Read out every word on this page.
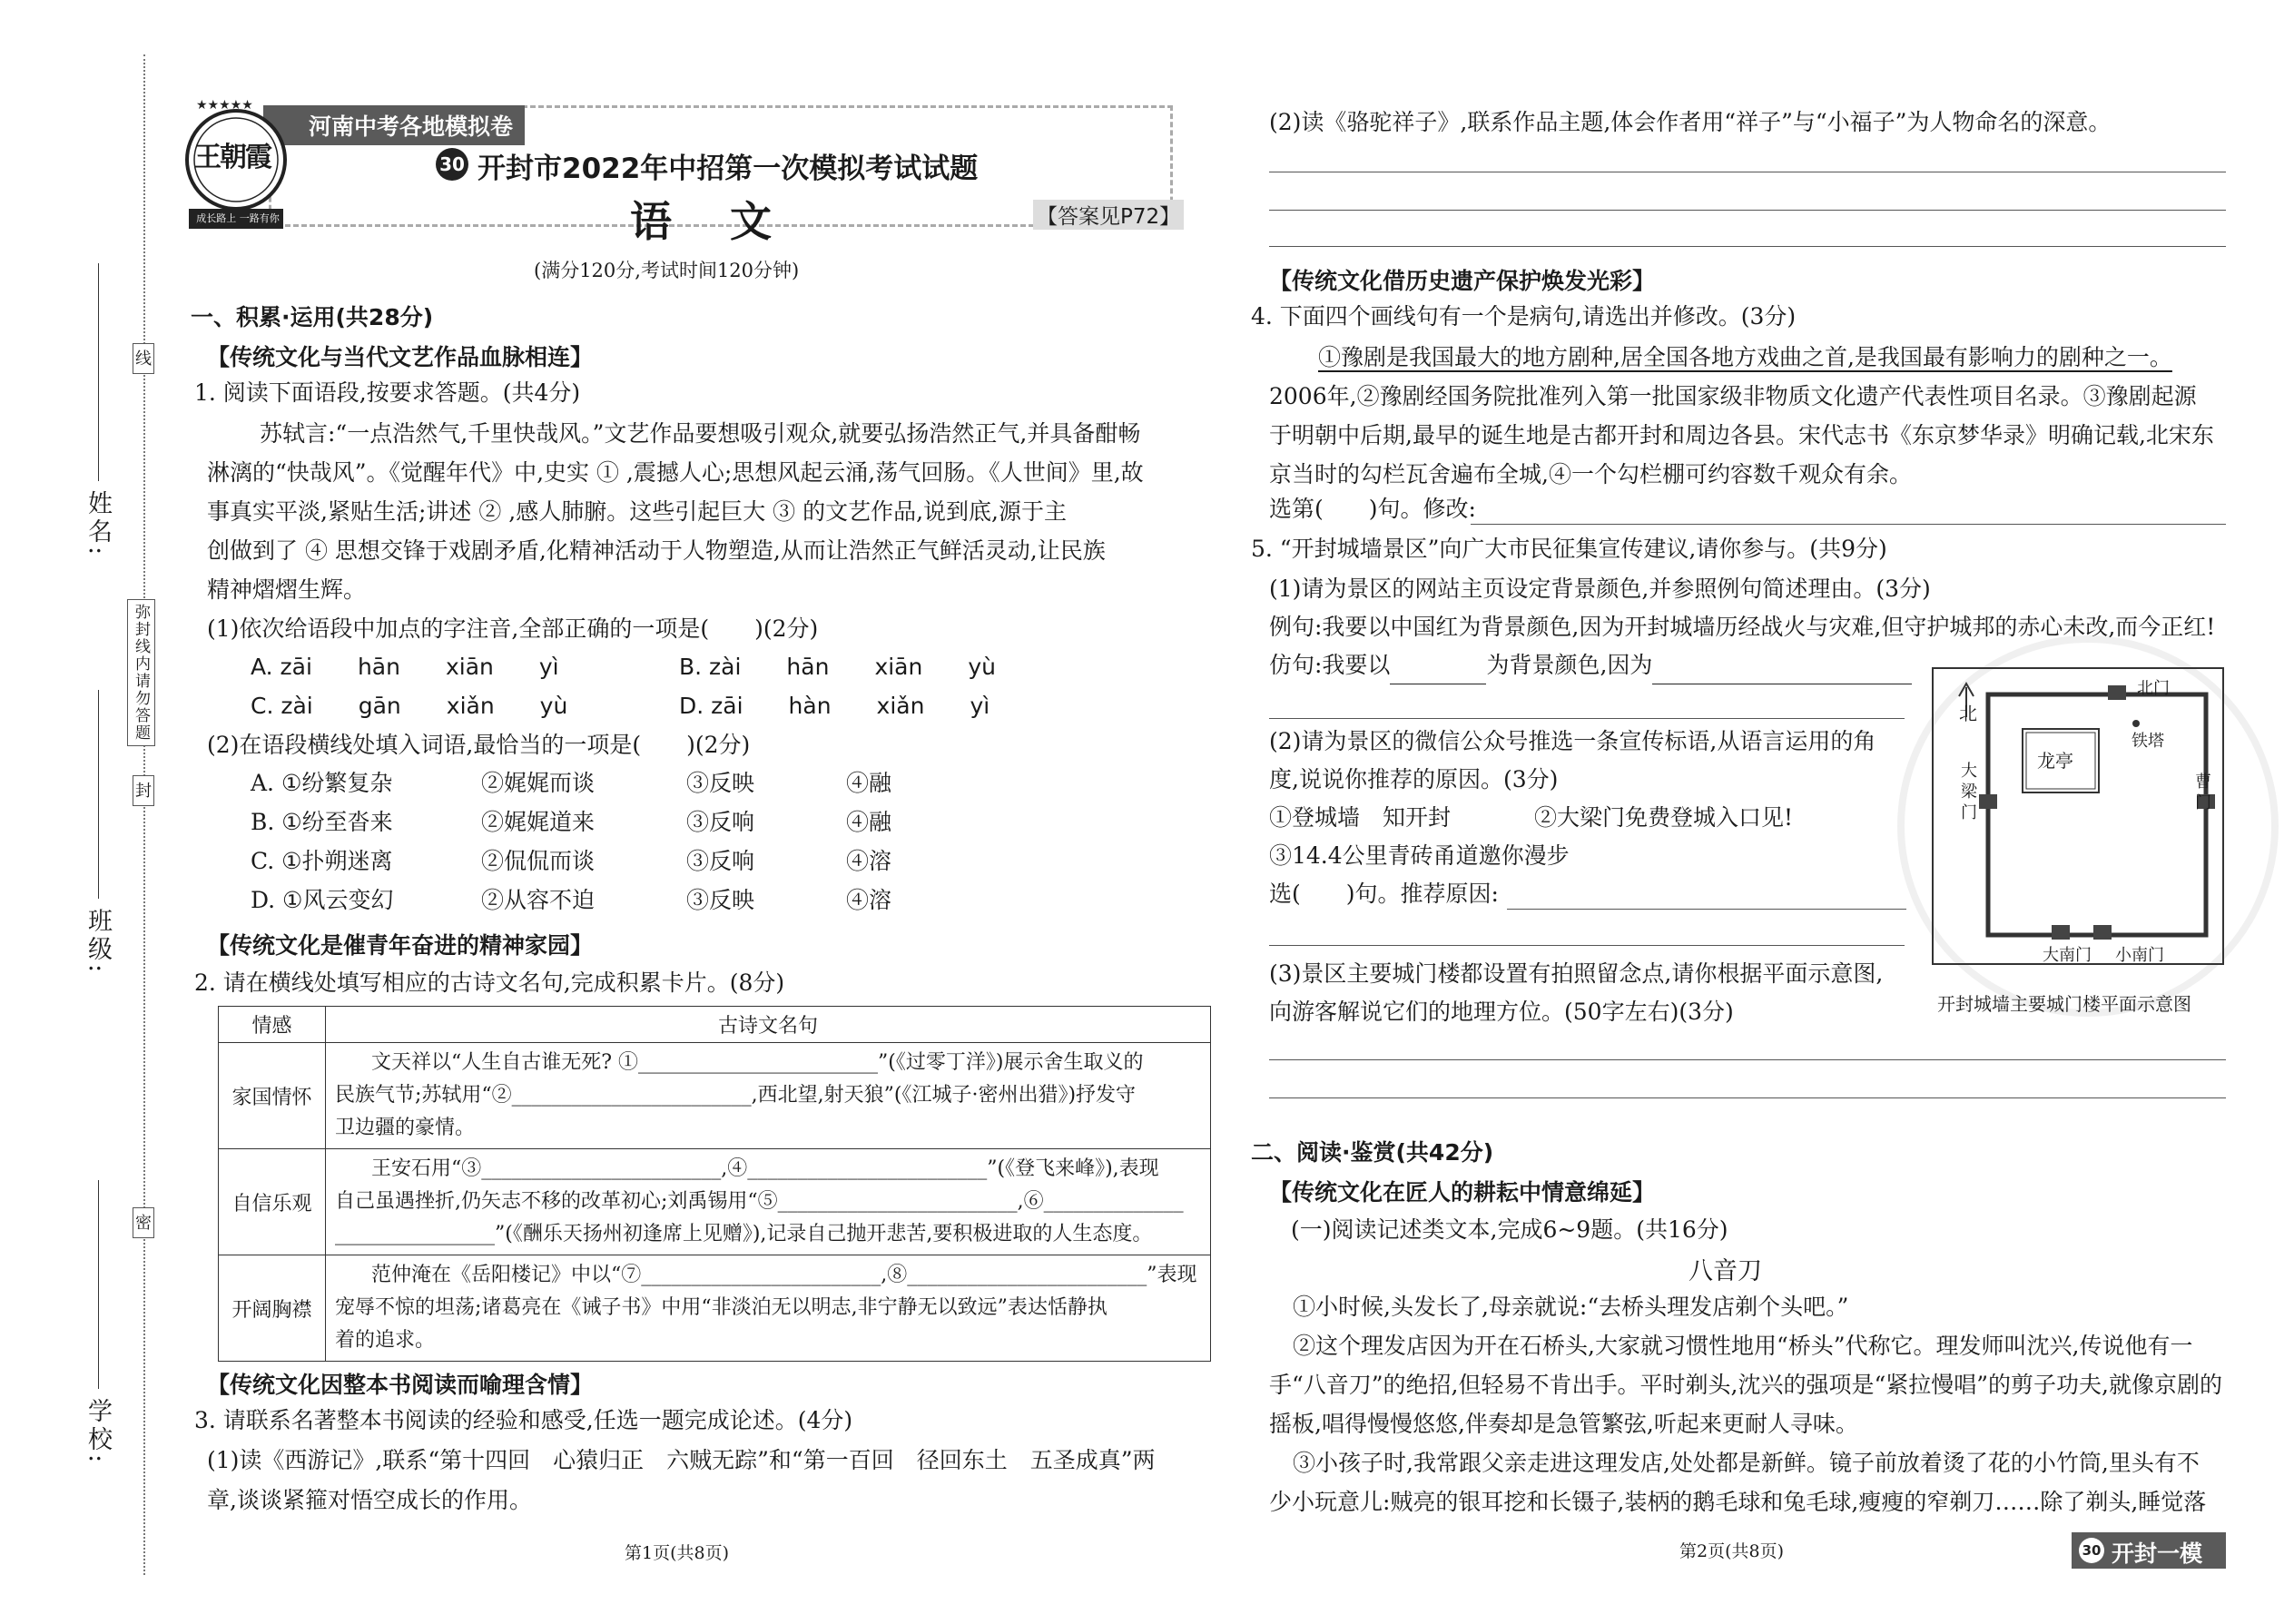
线
弥封线内请勿答题
封
密
姓名:
班级:
学校:
河南中考各地模拟卷
★★★★★
王朝霞
成长路上 一路有你
30 开封市2022年中招第一次模拟考试试题
语 文	【答案见P72】
(满分120分,考试时间120分钟)
一、积累·运用(共28分)
【传统文化与当代文艺作品血脉相连】
1. 阅读下面语段,按要求答题。(共4分)
苏轼言:“一点浩然气,千里快哉风。”文艺作品要想吸引观众,就要弘扬浩然正气,并具备酣畅
淋漓的“快哉风”。《觉醒年代》中,史实 ① ,震撼人心;思想风起云涌,荡气回肠。《人世间》里,故
事真实平淡,紧贴生活;讲述 ② ,感人肺腑。这些引起巨大 ③ 的文艺作品,说到底,源于主
创做到了 ④ 思想交锋于戏剧矛盾,化精神活动于人物塑造,从而让浩然正气鲜活灵动,让民族
精神熠熠生辉。
(1)依次给语段中加点的字注音,全部正确的一项是(　　)(2分)
A. zāi　　hān　　xiān　　yì	B. zài　　hān　　xiān　　yù
C. zài　　gān　　xiǎn　　yù	D. zāi　　hàn　　xiǎn　　yì
(2)在语段横线处填入词语,最恰当的一项是(　　)(2分)
A. ①纷繁复杂	②娓娓而谈	③反映	④融
B. ①纷至沓来	②娓娓道来	③反响	④融
C. ①扑朔迷离	②侃侃而谈	③反响	④溶
D. ①风云变幻	②从容不迫	③反映	④溶
【传统文化是催青年奋进的精神家园】
2. 请在横线处填写相应的古诗文名句,完成积累卡片。(8分)
情感	古诗文名句
家国情怀	文天祥以“人生自古谁无死? ①________________________”(《过零丁洋》)展示舍生取义的
民族气节;苏轼用“②________________________,西北望,射天狼”(《江城子·密州出猎》)抒发守
卫边疆的豪情。

自信乐观	王安石用“③________________________,④________________________”(《登飞来峰》),表现
自己虽遇挫折,仍矢志不移的改革初心;刘禹锡用“⑤________________________,⑥______________
________________”(《酬乐天扬州初逢席上见赠》),记录自己抛开悲苦,要积极进取的人生态度。

开阔胸襟	范仲淹在《岳阳楼记》中以“⑦________________________,⑧________________________”表现
宠辱不惊的坦荡;诸葛亮在《诫子书》中用“非淡泊无以明志,非宁静无以致远”表达恬静执
着的追求。
【传统文化因整本书阅读而喻理含情】
3. 请联系名著整本书阅读的经验和感受,任选一题完成论述。(4分)
(1)读《西游记》,联系“第十四回　心猿归正　六贼无踪”和“第一百回　径回东土　五圣成真”两
章,谈谈紧箍对悟空成长的作用。
第1页(共8页)
(2)读《骆驼祥子》,联系作品主题,体会作者用“祥子”与“小福子”为人物命名的深意。
【传统文化借历史遗产保护焕发光彩】
4. 下面四个画线句有一个是病句,请选出并修改。(3分)
①豫剧是我国最大的地方剧种,居全国各地方戏曲之首,是我国最有影响力的剧种之一。
2006年,②豫剧经国务院批准列入第一批国家级非物质文化遗产代表性项目名录。③豫剧起源
于明朝中后期,最早的诞生地是古都开封和周边各县。宋代志书《东京梦华录》明确记载,北宋东
京当时的勾栏瓦舍遍布全城,④一个勾栏棚可约容数千观众有余。
选第(　　)句。修改:
5. “开封城墙景区”向广大市民征集宣传建议,请你参与。(共9分)
(1)请为景区的网站主页设定背景颜色,并参照例句简述理由。(3分)
例句:我要以中国红为背景颜色,因为开封城墙历经战火与灾难,但守护城邦的赤心未改,而今正红!
仿句:我要以	为背景颜色,因为
(2)请为景区的微信公众号推选一条宣传标语,从语言运用的角
度,说说你推荐的原因。(3分)
①登城墙　知开封	②大梁门免费登城入口见!
③14.4公里青砖甬道邀你漫步
选(　　)句。推荐原因:
(3)景区主要城门楼都设置有拍照留念点,请你根据平面示意图,
向游客解说它们的地理方位。(50字左右)(3分)
北
北门
龙亭
铁塔
大梁门
曹门
大南门 小南门
开封城墙主要城门楼平面示意图
二、阅读·鉴赏(共42分)
【传统文化在匠人的耕耘中情意绵延】
(一)阅读记述类文本,完成6~9题。(共16分)
八音刀
①小时候,头发长了,母亲就说:“去桥头理发店剃个头吧。”
②这个理发店因为开在石桥头,大家就习惯性地用“桥头”代称它。理发师叫沈兴,传说他有一
手“八音刀”的绝招,但轻易不肯出手。平时剃头,沈兴的强项是“紧拉慢唱”的剪子功夫,就像京剧的
摇板,唱得慢慢悠悠,伴奏却是急管繁弦,听起来更耐人寻味。
③小孩子时,我常跟父亲走进这理发店,处处都是新鲜。镜子前放着烫了花的小竹筒,里头有不
少小玩意儿:贼亮的银耳挖和长镊子,装柄的鹅毛球和兔毛球,瘦瘦的窄剃刀……除了剃头,睡觉落
第2页(共8页)	30 开封一模
